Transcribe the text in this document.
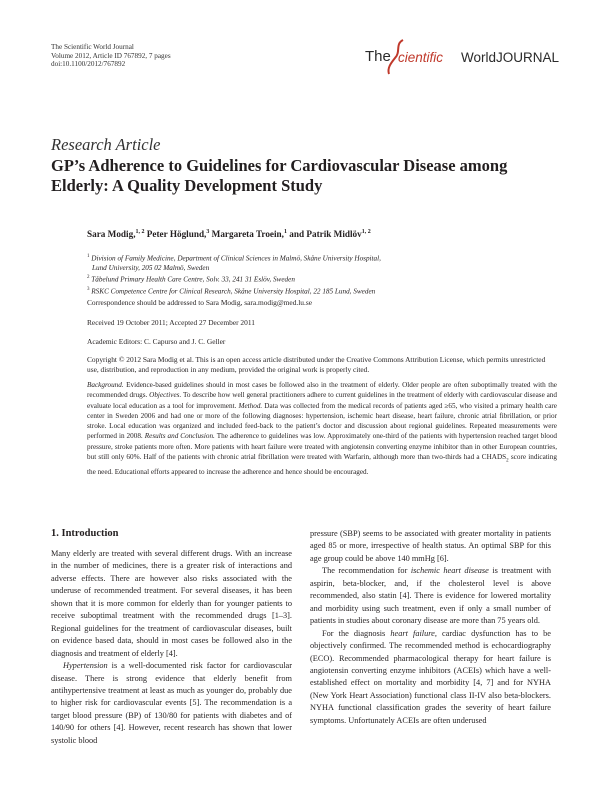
The Scientific World Journal
Volume 2012, Article ID 767892, 7 pages
doi:10.1100/2012/767892	The cientific WorldJOURNAL
Research Article
GP’s Adherence to Guidelines for Cardiovascular Disease among Elderly: A Quality Development Study
Sara Modig,$^{1, 2}$ Peter Höglund,$^3$ Margareta Troein,$^1$ and Patrik Midlöv$^{1, 2}$
$^1$ Division of Family Medicine, Department of Clinical Sciences in Malmö, Skåne University Hospital,
Lund University, 205 02 Malmö, Sweden
$^2$ Tåbelund Primary Health Care Centre, Solv. 33, 241 31 Eslöv, Sweden
$^3$ RSKC Competence Centre for Clinical Research, Skåne University Hospital, 22 185 Lund, Sweden
Correspondence should be addressed to Sara Modig, sara.modig@med.lu.se
Received 19 October 2011; Accepted 27 December 2011
Academic Editors: C. Capurso and J. C. Geller
Copyright © 2012 Sara Modig et al. This is an open access article distributed under the Creative Commons Attribution License, which permits unrestricted use, distribution, and reproduction in any medium, provided the original work is properly cited.
Background. Evidence-based guidelines should in most cases be followed also in the treatment of elderly. Older people are often suboptimally treated with the recommended drugs. Objectives. To describe how well general practitioners adhere to current guidelines in the treatment of elderly with cardiovascular disease and evaluate local education as a tool for improvement. Method. Data was collected from the medical records of patients aged ≥65, who visited a primary health care center in Sweden 2006 and had one or more of the following diagnoses: hypertension, ischemic heart disease, heart failure, chronic atrial fibrillation, or prior stroke. Local education was organized and included feed-back to the patient’s doctor and discussion about regional guidelines. Repeated measurements were performed in 2008. Results and Conclusion. The adherence to guidelines was low. Approximately one-third of the patients with hypertension reached target blood pressure, stroke patients more often. More patients with heart failure were treated with angiotensin converting enzyme inhibitor than in other European countries, but still only 60%. Half of the patients with chronic atrial fibrillation were treated with Warfarin, although more than two-thirds had a $CHADS_2$ score indicating the need. Educational efforts appeared to increase the adherence and hence should be encouraged.
1. Introduction

Many elderly are treated with several different drugs. With an increase in the number of medicines, there is a greater risk of interactions and adverse effects. There are however also risks associated with the underuse of recommended treatment. For several diseases, it has been shown that it is more common for elderly than for younger patients to receive suboptimal treatment with the recommended drugs [1–3]. Regional guidelines for the treatment of cardiovascular diseases, built on evidence based data, should in most cases be followed also in the diagnosis and treatment of elderly [4].

Hypertension is a well-documented risk factor for cardiovascular disease. There is strong evidence that elderly benefit from antihypertensive treatment at least as much as younger do, probably due to higher risk for cardiovascular events [5]. The recommendation is a target blood pressure (BP) of 130/80 for patients with diabetes and of 140/90 for others [4]. However, recent research has shown that lower systolic blood

pressure (SBP) seems to be associated with greater mortality in patients aged 85 or more, irrespective of health status. An optimal SBP for this age group could be above 140 mmHg [6].

The recommendation for ischemic heart disease is treatment with aspirin, beta-blocker, and, if the cholesterol level is above recommended, also statin [4]. There is evidence for lowered mortality and morbidity using such treatment, even if only a small number of patients in studies about coronary disease are more than 75 years old.

For the diagnosis heart failure, cardiac dysfunction has to be objectively confirmed. The recommended method is echocardiography (ECO). Recommended pharmacological therapy for heart failure is angiotensin converting enzyme inhibitors (ACEIs) which have a well-established effect on mortality and morbidity [4, 7] and for NYHA (New York Heart Association) functional class II-IV also beta-blockers. NYHA functional classification grades the severity of heart failure symptoms. Unfortunately ACEIs are often underused
